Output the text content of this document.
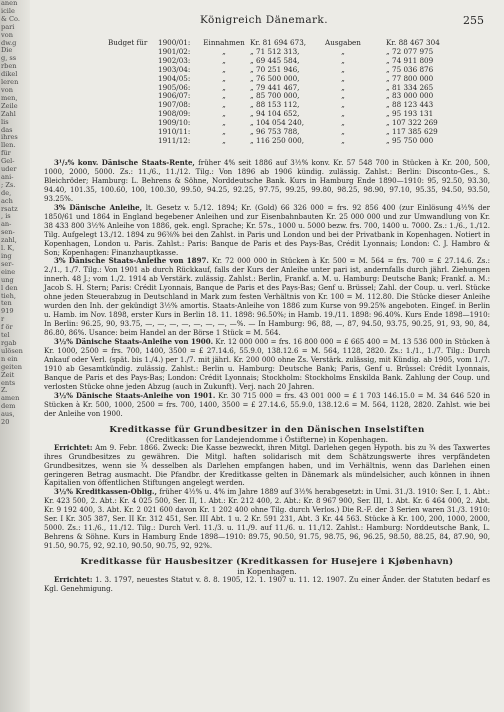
anen
icile
& Co.
pari
von
dw.g
Die
g, ss
rben
dikel
leren
von
men,
Zeile
Zahl
lis
das
ihres
llen.
für
Gel-
uder
ani-
; Zs.
de,
ach
rsatz
, is
an-
sen-
zahl,
l. K,
ing
ser-
eine
ung
l den
tieh,
ten
919
r
f ör
tel
rgab
ulösen
n ein
geiten
Zeit
ents
Z.
amen
dem
aus,
20
Königreich Dänemark.	255
Budget für	1900/01:	Einnahmen Kr. 81 694 673,	Ausgaben	Kr. 88 467 304

1901/02:	„	„ 71 512 313,	„	„ 72 077 975

1902/03:	„	„ 69 445 584,	„	„ 74 911 809

1903/04:	„	„ 70 251 946,	„	„ 75 036 876

1904/05:	„	„ 76 500 000,	„	„ 77 800 000

1905/06:	„	„ 79 441 467,	„	„ 81 334 265

1906/07:	„	„ 85 700 000,	„	„ 83 000 000

1907/08:	„	„ 88 153 112,	„	„ 88 123 443

1908/09:	„	„ 94 104 652,	„	„ 95 193 131

1909/10:	„	„ 104 054 240,	„	„ 107 322 269

1910/11:	„	„ 96 753 788,	„	„ 117 385 629

1911/12:	„	„ 116 250 000,	„	„ 95 750 000

3¹/₂% konv. Dänische Staats-Rente, früher 4% seit 1886 auf 3½% konv. Kr. 57 548 700 in Stücken à Kr. 200, 500, 1000, 2000, 5000. Zs.: 11./6., 11./12. Tilg.: Von 1896 ab 1906 kündig. zulässig. Zahlst.: Berlin: Disconto-Ges., S. Bleichröder; Hamburg: L. Behrens & Söhne, Norddeutsche Bank. Kurs in Hamburg Ende 1890—1910: 95, 92.50, 93.30, 94.40, 101.35, 100.60, 100, 100.30, 99.50, 94.25, 92.25, 97.75, 99.25, 99.80, 98.25, 98.90, 97.10, 95.35, 94.50, 93.50, 93.25%.

3% Dänische Anleihe, lt. Gesetz v. 5./12. 1894; Kr. (Gold) 66 326 000 = frs. 92 856 400 (zur Einlösung 4½% der 1850/61 und 1864 in England begebener Anleihen und zur Eisenbahnbauten Kr. 25 000 000 und zur Umwandlung von Kr. 38 433 800 3½% Anleihe von 1886, gek. engl. Sprache; Kr. 57s., 1000 u. 5000 bezw. frs. 700, 1400 u. 7000. Zs.: 1./6., 1./12. Tilg. Aufgelegt 13./12. 1894 zu 96⅜% bei den Zahlst. in Paris und London und bei der Privatbank in Kopenhagen. Notiert in Kopenhagen, London u. Paris. Zahlst.: Paris: Banque de Paris et des Pays-Bas, Crédit Lyonnais; London: C. J. Hambro & Son; Kopenhagen: Finanzhauptkasse.

3% Dänische Staats-Anleihe von 1897. Kr. 72 000 000 in Stücken à Kr. 500 = M. 564 = frs. 700 = £ 27.14.6. Zs.: 2./1., 1./7. Tilg.: Von 1901 ab durch Rückkauf, falls der Kurs der Anleihe unter pari ist, andernfalls durch jährl. Ziehungen innerh. 48 J.; vom 1./2. 1914 ab Verstärk. zulässig. Zahlst.: Berlin, Frankf. a. M. u. Hamburg: Deutsche Bank; Frankf. a. M.: Jacob S. H. Stern; Paris: Crédit Lyonnais, Banque de Paris et des Pays-Bas; Genf u. Brüssel; Zahl. der Coup. u. verl. Stücke ohne jeden Steuerabzug in Deutschland in Mark zum festen Verhältnis von Kr. 100 = M. 112.80. Die Stücke dieser Anleihe wurden den Inh. der gekündigt 3½% amortis. Staats-Anleihe von 1886 zum Kurse von 99.25% angeboten. Eingef. in Berlin u. Hamb. im Nov. 1898, erster Kurs in Berlin 18. 11. 1898: 96.50%; in Hamb. 19./11. 1898: 96.40%. Kurs Ende 1898—1910: In Berlin: 96.25, 90, 93.75, —, —, —, —, —, —, —, —%. — In Hamburg: 96, 88, —, 87, 94.50, 93.75, 90.25, 91, 93, 90, 84, 86.80, 86%. Usance: beim Handel an der Börse 1 Stück = M. 564.

3½% Dänische Staats-Anleihe von 1900. Kr. 12 000 000 = frs. 16 800 000 = £ 665 400 = M. 13 536 000 in Stücken à Kr. 1000, 2500 = frs. 700, 1400, 3500 = £ 27.14.6, 55.9.0, 138.12.6 = M. 564, 1128, 2820. Zs.: 1./1., 1./7. Tilg.: Durch Ankauf oder Verl. (spät. bis 1./4.) per 1./7. mit jährl. Kr. 200 000 ohne Zs. Verstärk. zulässig, mit Kündig. ab 1905, vom 1./7. 1910 ab Gesamtkündig. zulässig. Zahlst.: Berlin u. Hamburg: Deutsche Bank; Paris, Genf u. Brüssel: Crédit Lyonnais, Banque de Paris et des Pays-Bas; London: Crédit Lyonnais; Stockholm: Stockholms Enskilda Bank. Zahlung der Coup. und verlosten Stücke ohne jeden Abzug (auch in Zukunft). Verj. nach 20 Jahren.

3½% Dänische Staats-Anleihe von 1901. Kr. 30 715 000 = frs. 43 001 000 = £ 1 703 146.15.0 = M. 34 646 520 in Stücken à Kr. 500, 1000, 2500 = frs. 700, 1400, 3500 = £ 27.14.6, 55.9.0, 138.12.6 = M. 564, 1128, 2820. Zahlst. wie bei der Anleihe von 1900.

Kreditkasse für Grundbesitzer in den Dänischen Inselstiften
(Creditkassen for Landejendomme i Östifterne) in Kopenhagen.

Errichtet: Am 9. Febr. 1866. Zweck: Die Kasse bezweckt, ihren Mitgl. Darlehen gegen Hypoth. bis zu ¾ des Taxwertes ihres Grundbesitzes zu gewähren. Die Mitgl. haften solidarisch mit dem Schätzungswerte ihres verpfändeten Grundbesitzes, wenn sie ¾ desselben als Darlehen empfangen haben, und im Verhältnis, wenn das Darlehen einen geringeren Betrag ausmacht. Die Pfandbr. der Kreditkasse gelten in Dänemark als mündelsicher, auch können in ihnen Kapitalien von öffentlichen Stiftungen angelegt werden.

3½% Kreditkassen-Oblig., früher 4½% u. 4% im Jahre 1889 auf 3½% herabgesetzt: in Umi. 31./3. 1910: Ser. I, 1. Abt.: Kr. 423 500, 2. Abt.: Kr. 4 025 500, Ser. II, 1. Abt.: Kr. 212 400, 2. Abt.: Kr. 8 967 900, Ser. III, 1. Abt. Kr. 6 464 000, 2. Abt. Kr. 9 192 400, 3. Abt. Kr. 2 021 600 davon Kr. 1 202 400 ohne Tilg. durch Verlos.) Die R.-F. der 3 Serien waren 31./3. 1910: Ser. I Kr. 305 387, Ser. II Kr. 312 451, Ser. III Abt. 1 u. 2 Kr. 591 231, Abt. 3 Kr. 44 563. Stücke à Kr. 100, 200, 1000, 2000, 5000. Zs.: 11./6., 11./12. Tilg.: Durch Verl. 11./3. u. 11./9. auf 11./6. u. 11./12. Zahlst.: Hamburg: Norddeutsche Bank, L. Behrens & Söhne. Kurs in Hamburg Ende 1898—1910: 89.75, 90.50, 91.75, 98.75, 96, 96.25, 98.50, 88.25, 84, 87.90, 90, 91.50, 90.75, 92, 92.10, 90.50, 90.75, 92, 92%.

Kreditkasse für Hausbesitzer (Kreditkassen for Husejere i Kjøbenhavn)
in Kopenhagen.

Errichtet: 1. 3. 1797, neuestes Statut v. 8. 8. 1905, 12. 1. 1907 u. 11. 12. 1907. Zu einer Änder. der Statuten bedarf es Kgl. Genehmigung.
